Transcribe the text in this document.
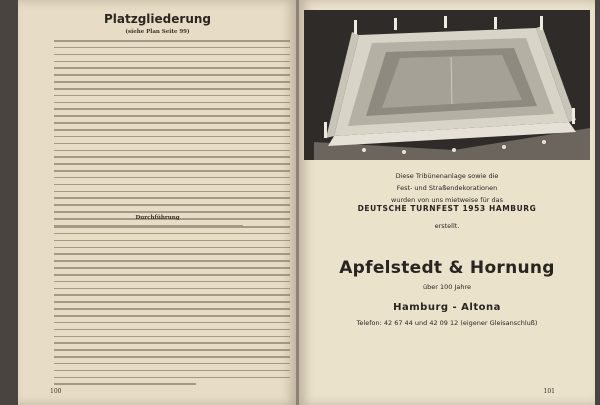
Platzgliederung
(siehe Plan Seite 99)
Durchführung
100
Diese Tribünenanlage sowie die
Fest- und Straßendekorationen
wurden von uns mietweise für das
DEUTSCHE TURNFEST 1953 HAMBURG
erstellt.
Apfelstedt & Hornung
über 100 Jahre
Hamburg - Altona
Telefon: 42 67 44 und 42 09 12 (eigener Gleisanschluß)
101
